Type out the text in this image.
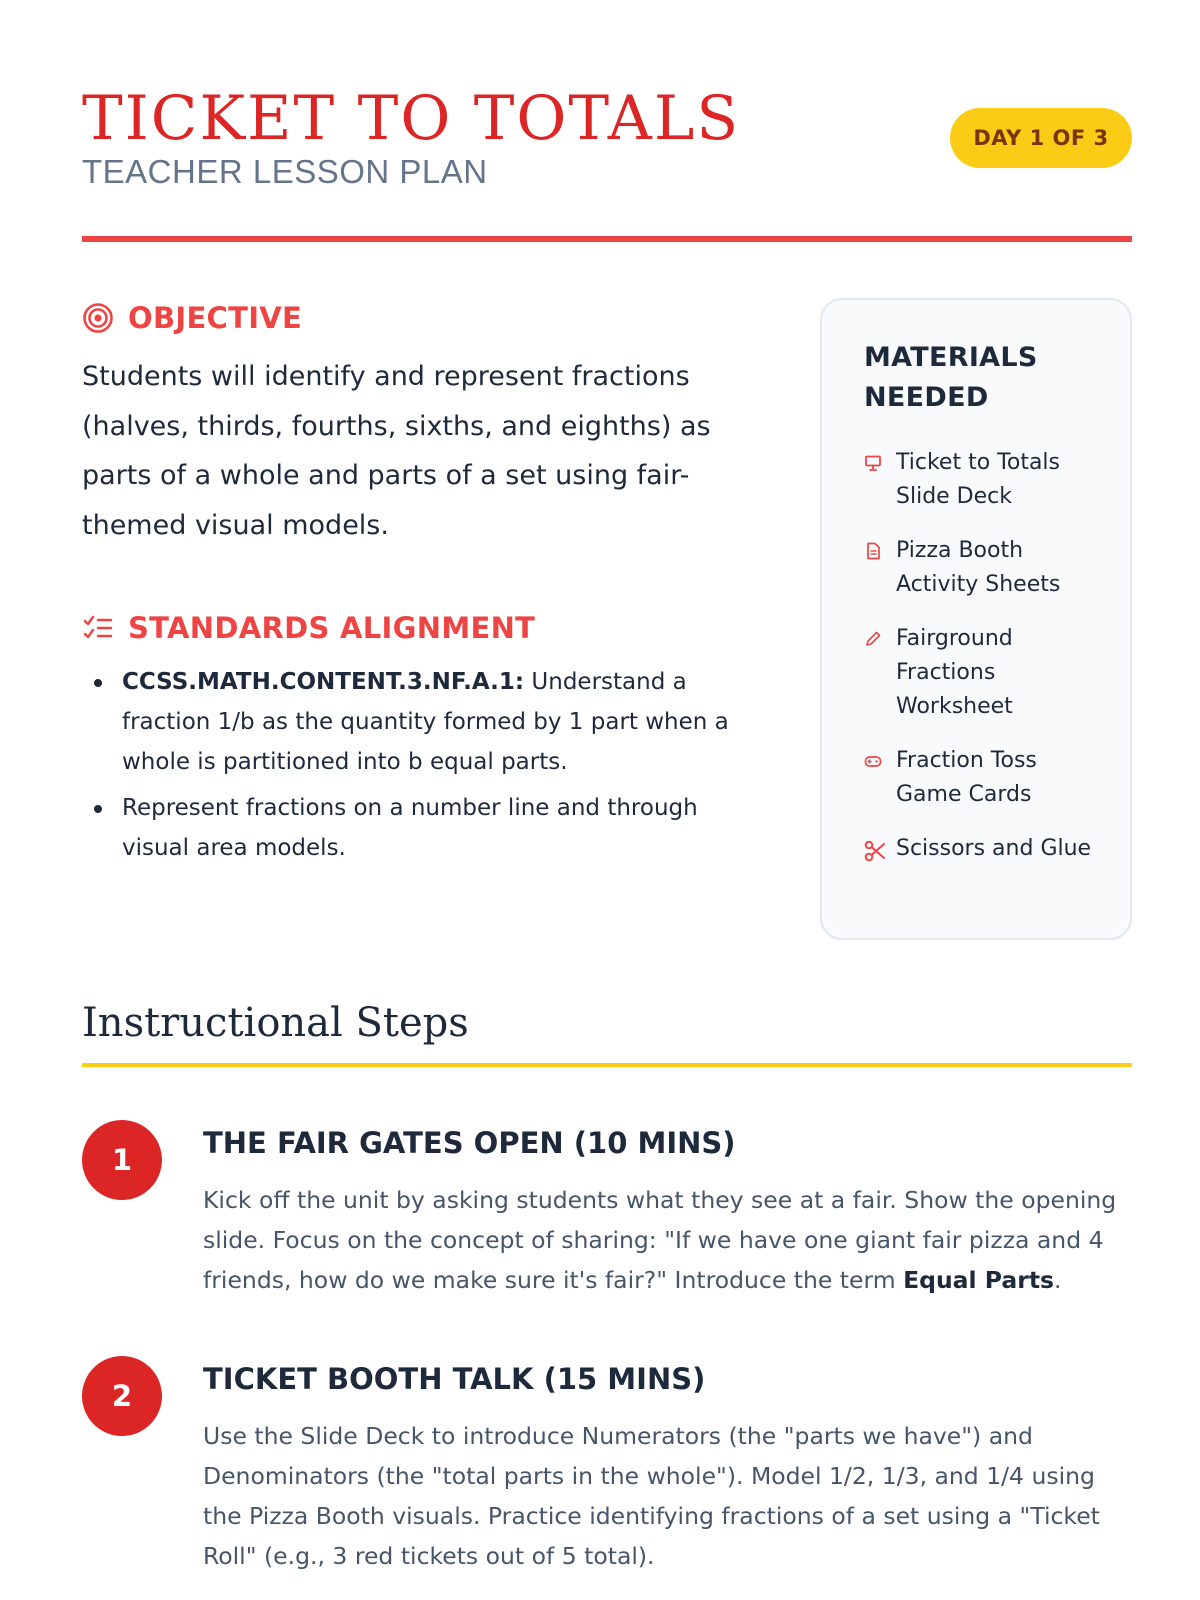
TICKET TO TOTALS
TEACHER LESSON PLAN
DAY 1 OF 3
OBJECTIVE

Students will identify and represent fractions (halves, thirds, fourths, sixths, and eighths) as parts of a whole and parts of a set using fair-themed visual models.

STANDARDS ALIGNMENT
CCSS.MATH.CONTENT.3.NF.A.1: Understand a fraction 1/b as the quantity formed by 1 part when a whole is partitioned into b equal parts.
Represent fractions on a number line and through visual area models.
MATERIALS
NEEDED
Ticket to Totals Slide Deck
Pizza Booth Activity Sheets
Fairground Fractions Worksheet
Fraction Toss Game Cards
Scissors and Glue
Instructional Steps
1	THE FAIR GATES OPEN (10 MINS)

Kick off the unit by asking students what they see at a fair. Show the opening slide. Focus on the concept of sharing: "If we have one giant fair pizza and 4 friends, how do we make sure it's fair?" Introduce the term Equal Parts.

2	TICKET BOOTH TALK (15 MINS)

Use the Slide Deck to introduce Numerators (the "parts we have") and Denominators (the "total parts in the whole"). Model 1/2, 1/3, and 1/4 using the Pizza Booth visuals. Practice identifying fractions of a set using a "Ticket Roll" (e.g., 3 red tickets out of 5 total).
